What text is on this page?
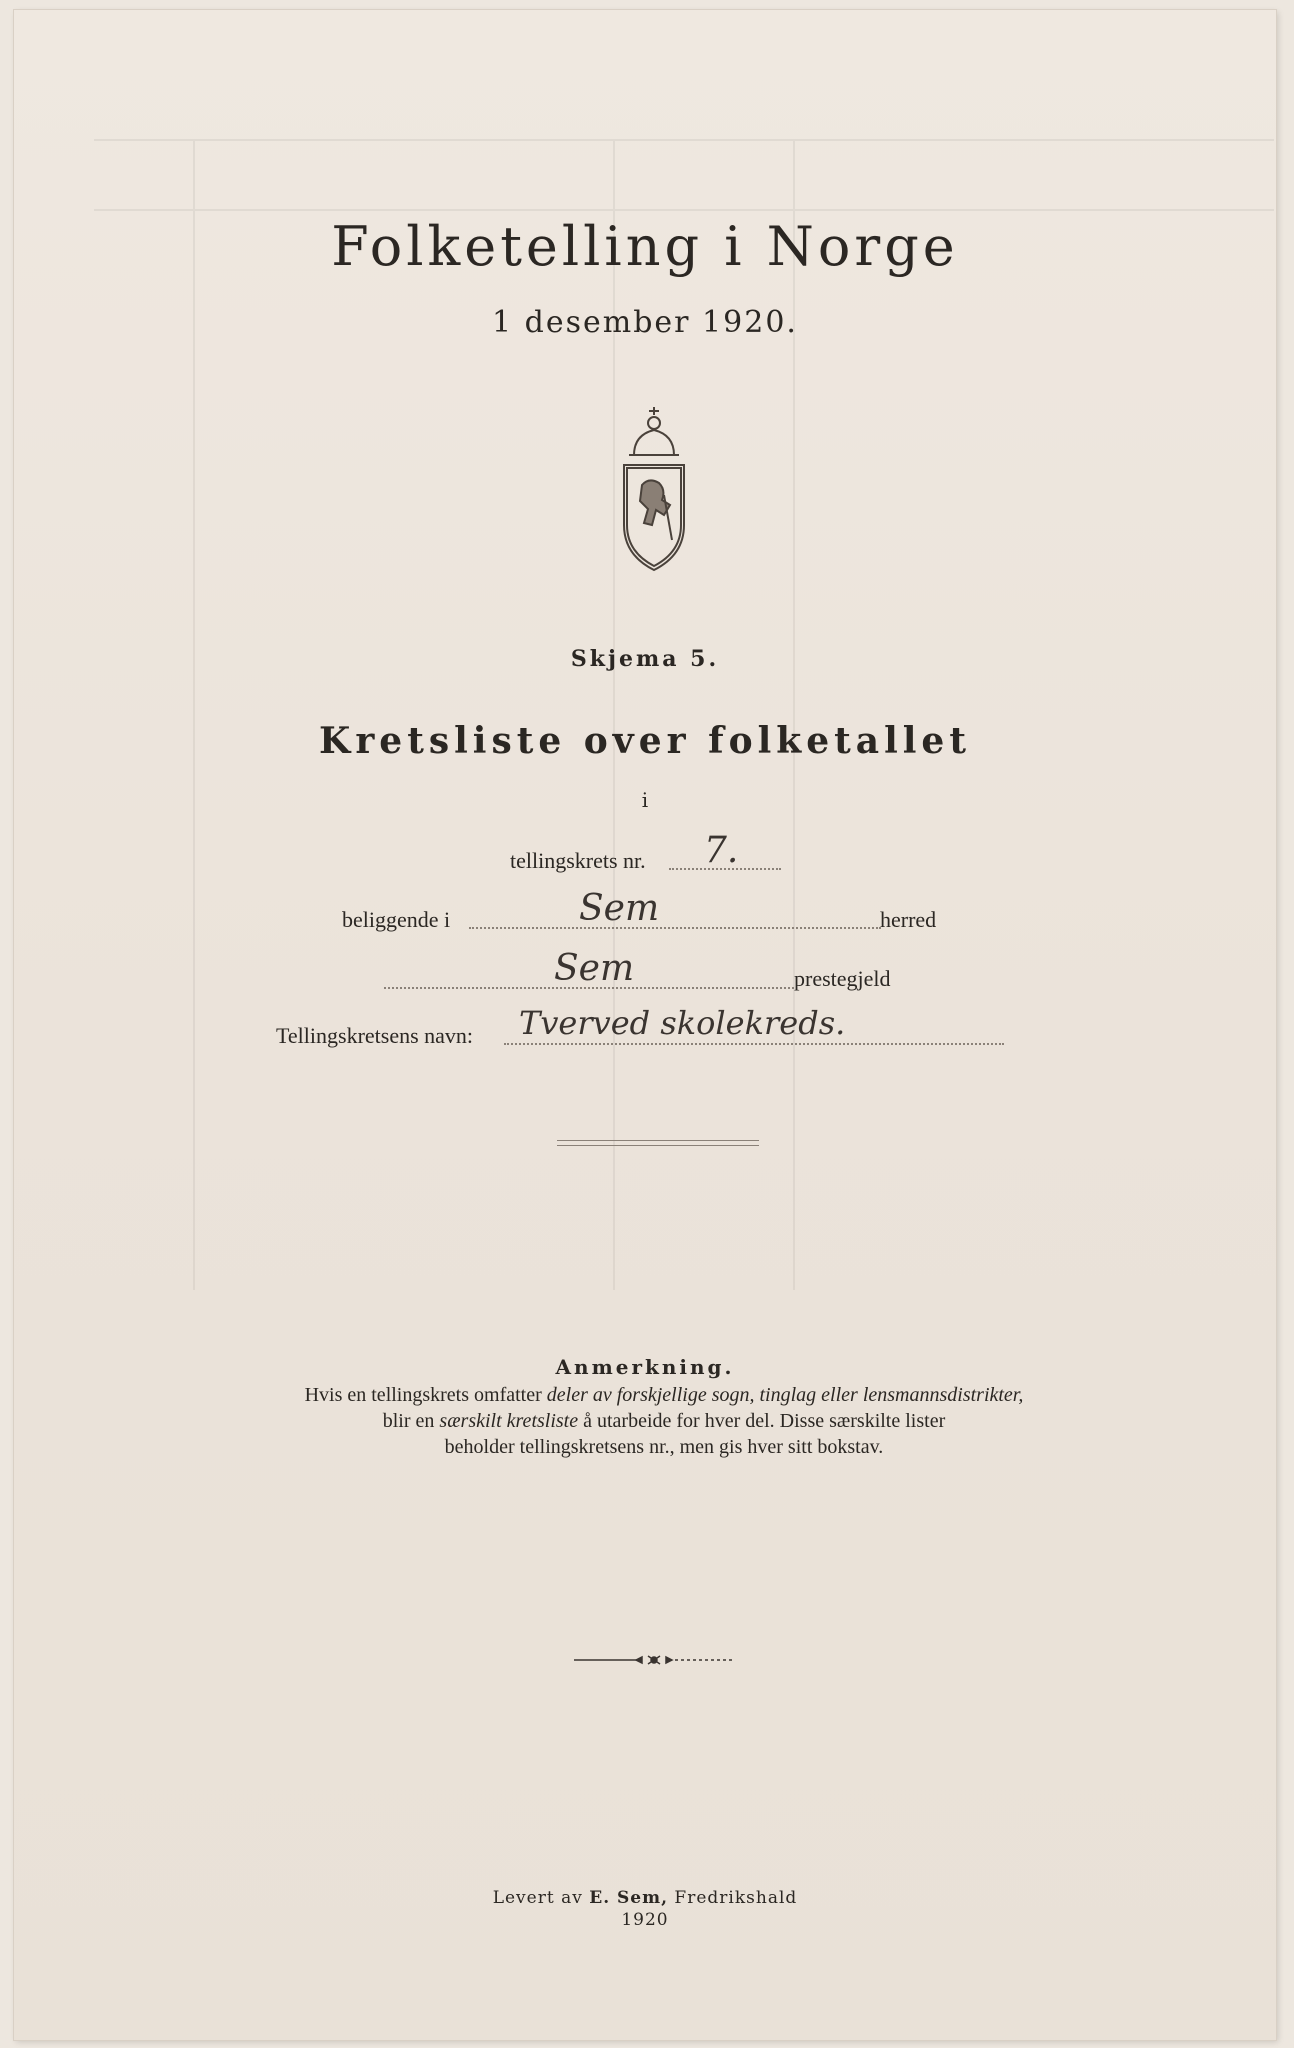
Folketelling i Norge
1 desember 1920.
Skjema 5.
Kretsliste over folketallet
i
tellingskrets nr. 7.
beliggende i	Sem	herred
Sem	prestegjeld
Tellingskretsens navn: Tverved skolekreds.
Anmerkning.
Hvis en tellingskrets omfatter deler av forskjellige sogn, tinglag eller lensmannsdistrikter,
blir en særskilt kretsliste å utarbeide for hver del. Disse særskilte lister
beholder tellingskretsens nr., men gis hver sitt bokstav.
Levert av E. Sem, Fredrikshald
1920
